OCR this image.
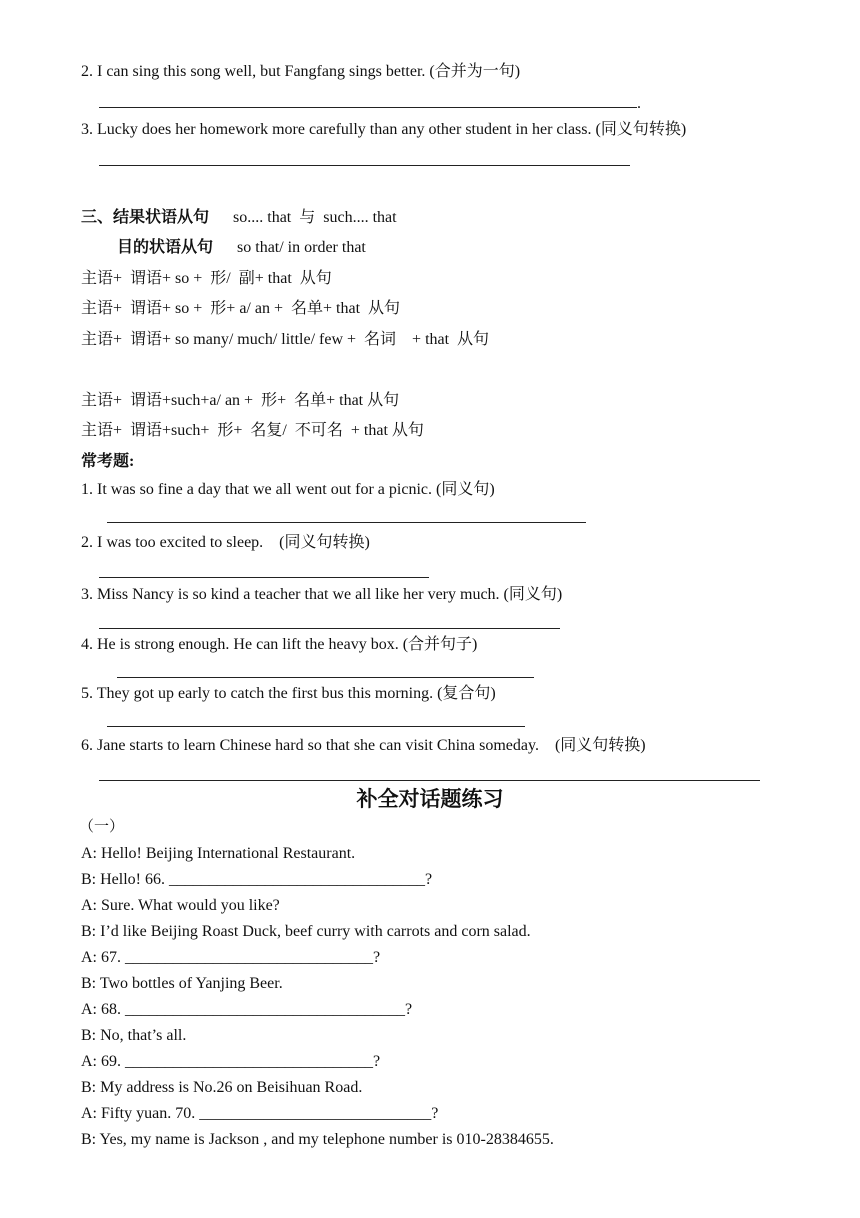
2. I can sing this song well, but Fangfang sings better. (合并为一句)
.
3. Lucky does her homework more carefully than any other student in her class. (同义句转换)
三、结果状语从句 so.... that  与  such.... that
目的状语从句 so that/ in order that
主语+  谓语+ so +  形/  副+ that  从句
主语+  谓语+ so +  形+ a/ an +  名单+ that  从句
主语+  谓语+ so many/ much/ little/ few +  名词    + that  从句
主语+  谓语+such+a/ an +  形+  名单+ that 从句
主语+  谓语+such+  形+  名复/  不可名  + that 从句
常考题:
1. It was so fine a day that we all went out for a picnic. (同义句)
2. I was too excited to sleep.    (同义句转换)
3. Miss Nancy is so kind a teacher that we all like her very much. (同义句)
4. He is strong enough. He can lift the heavy box. (合并句子)
5. They got up early to catch the first bus this morning. (复合句)
6. Jane starts to learn Chinese hard so that she can visit China someday.    (同义句转换)
补全对话题练习
（一）
A: Hello! Beijing International Restaurant.
B: Hello! 66. ________________________________?
A: Sure. What would you like?
B: I’d like Beijing Roast Duck, beef curry with carrots and corn salad.
A: 67. _______________________________?
B: Two bottles of Yanjing Beer.
A: 68. ___________________________________?
B: No, that’s all.
A: 69. _______________________________?
B: My address is No.26 on Beisihuan Road.
A: Fifty yuan. 70. _____________________________?
B: Yes, my name is Jackson , and my telephone number is 010-28384655.
